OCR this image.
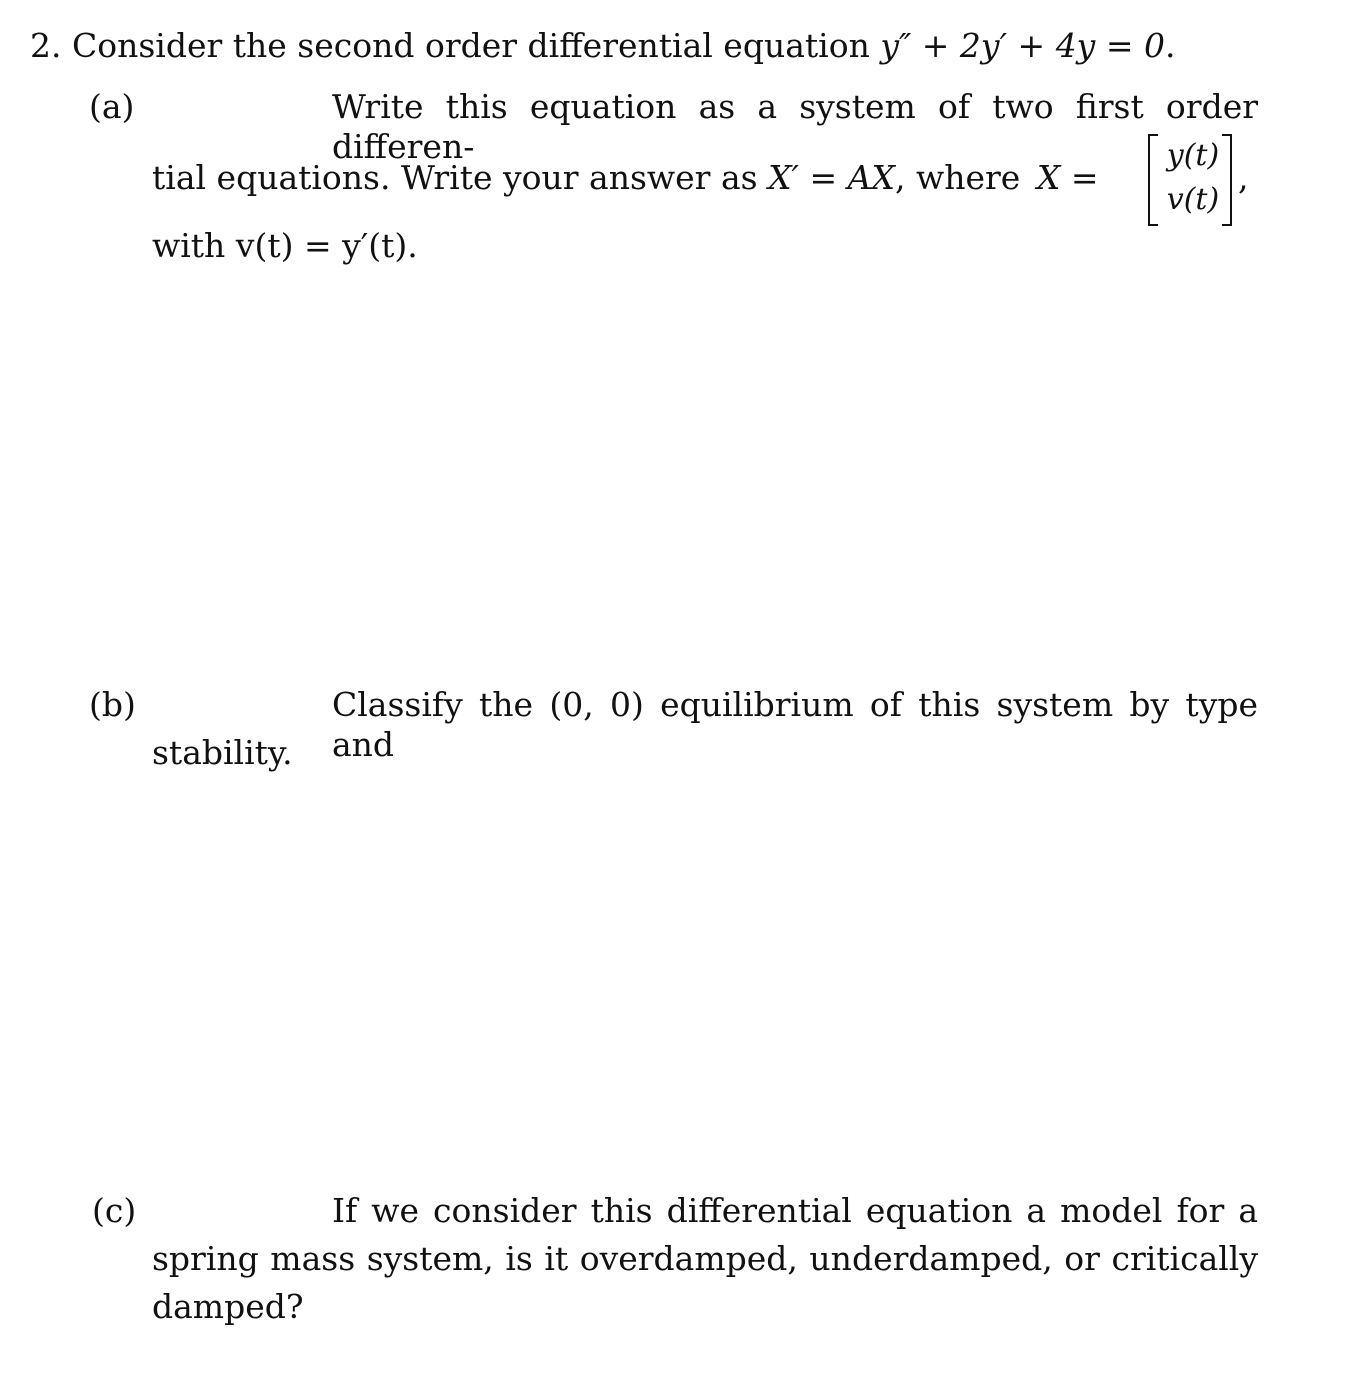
2. Consider the second order differential equation y″ + 2y′ + 4y = 0.
(a)	Write this equation as a system of two first order differen-
tial equations. Write your answer as X′ = AX, where X =
y(t)
v(t)
,
with v(t) = y′(t).
(b)	Classify the (0, 0) equilibrium of this system by type and
stability.
(c)	If we consider this differential equation a model for a
spring mass system, is it overdamped, underdamped, or critically
damped?
